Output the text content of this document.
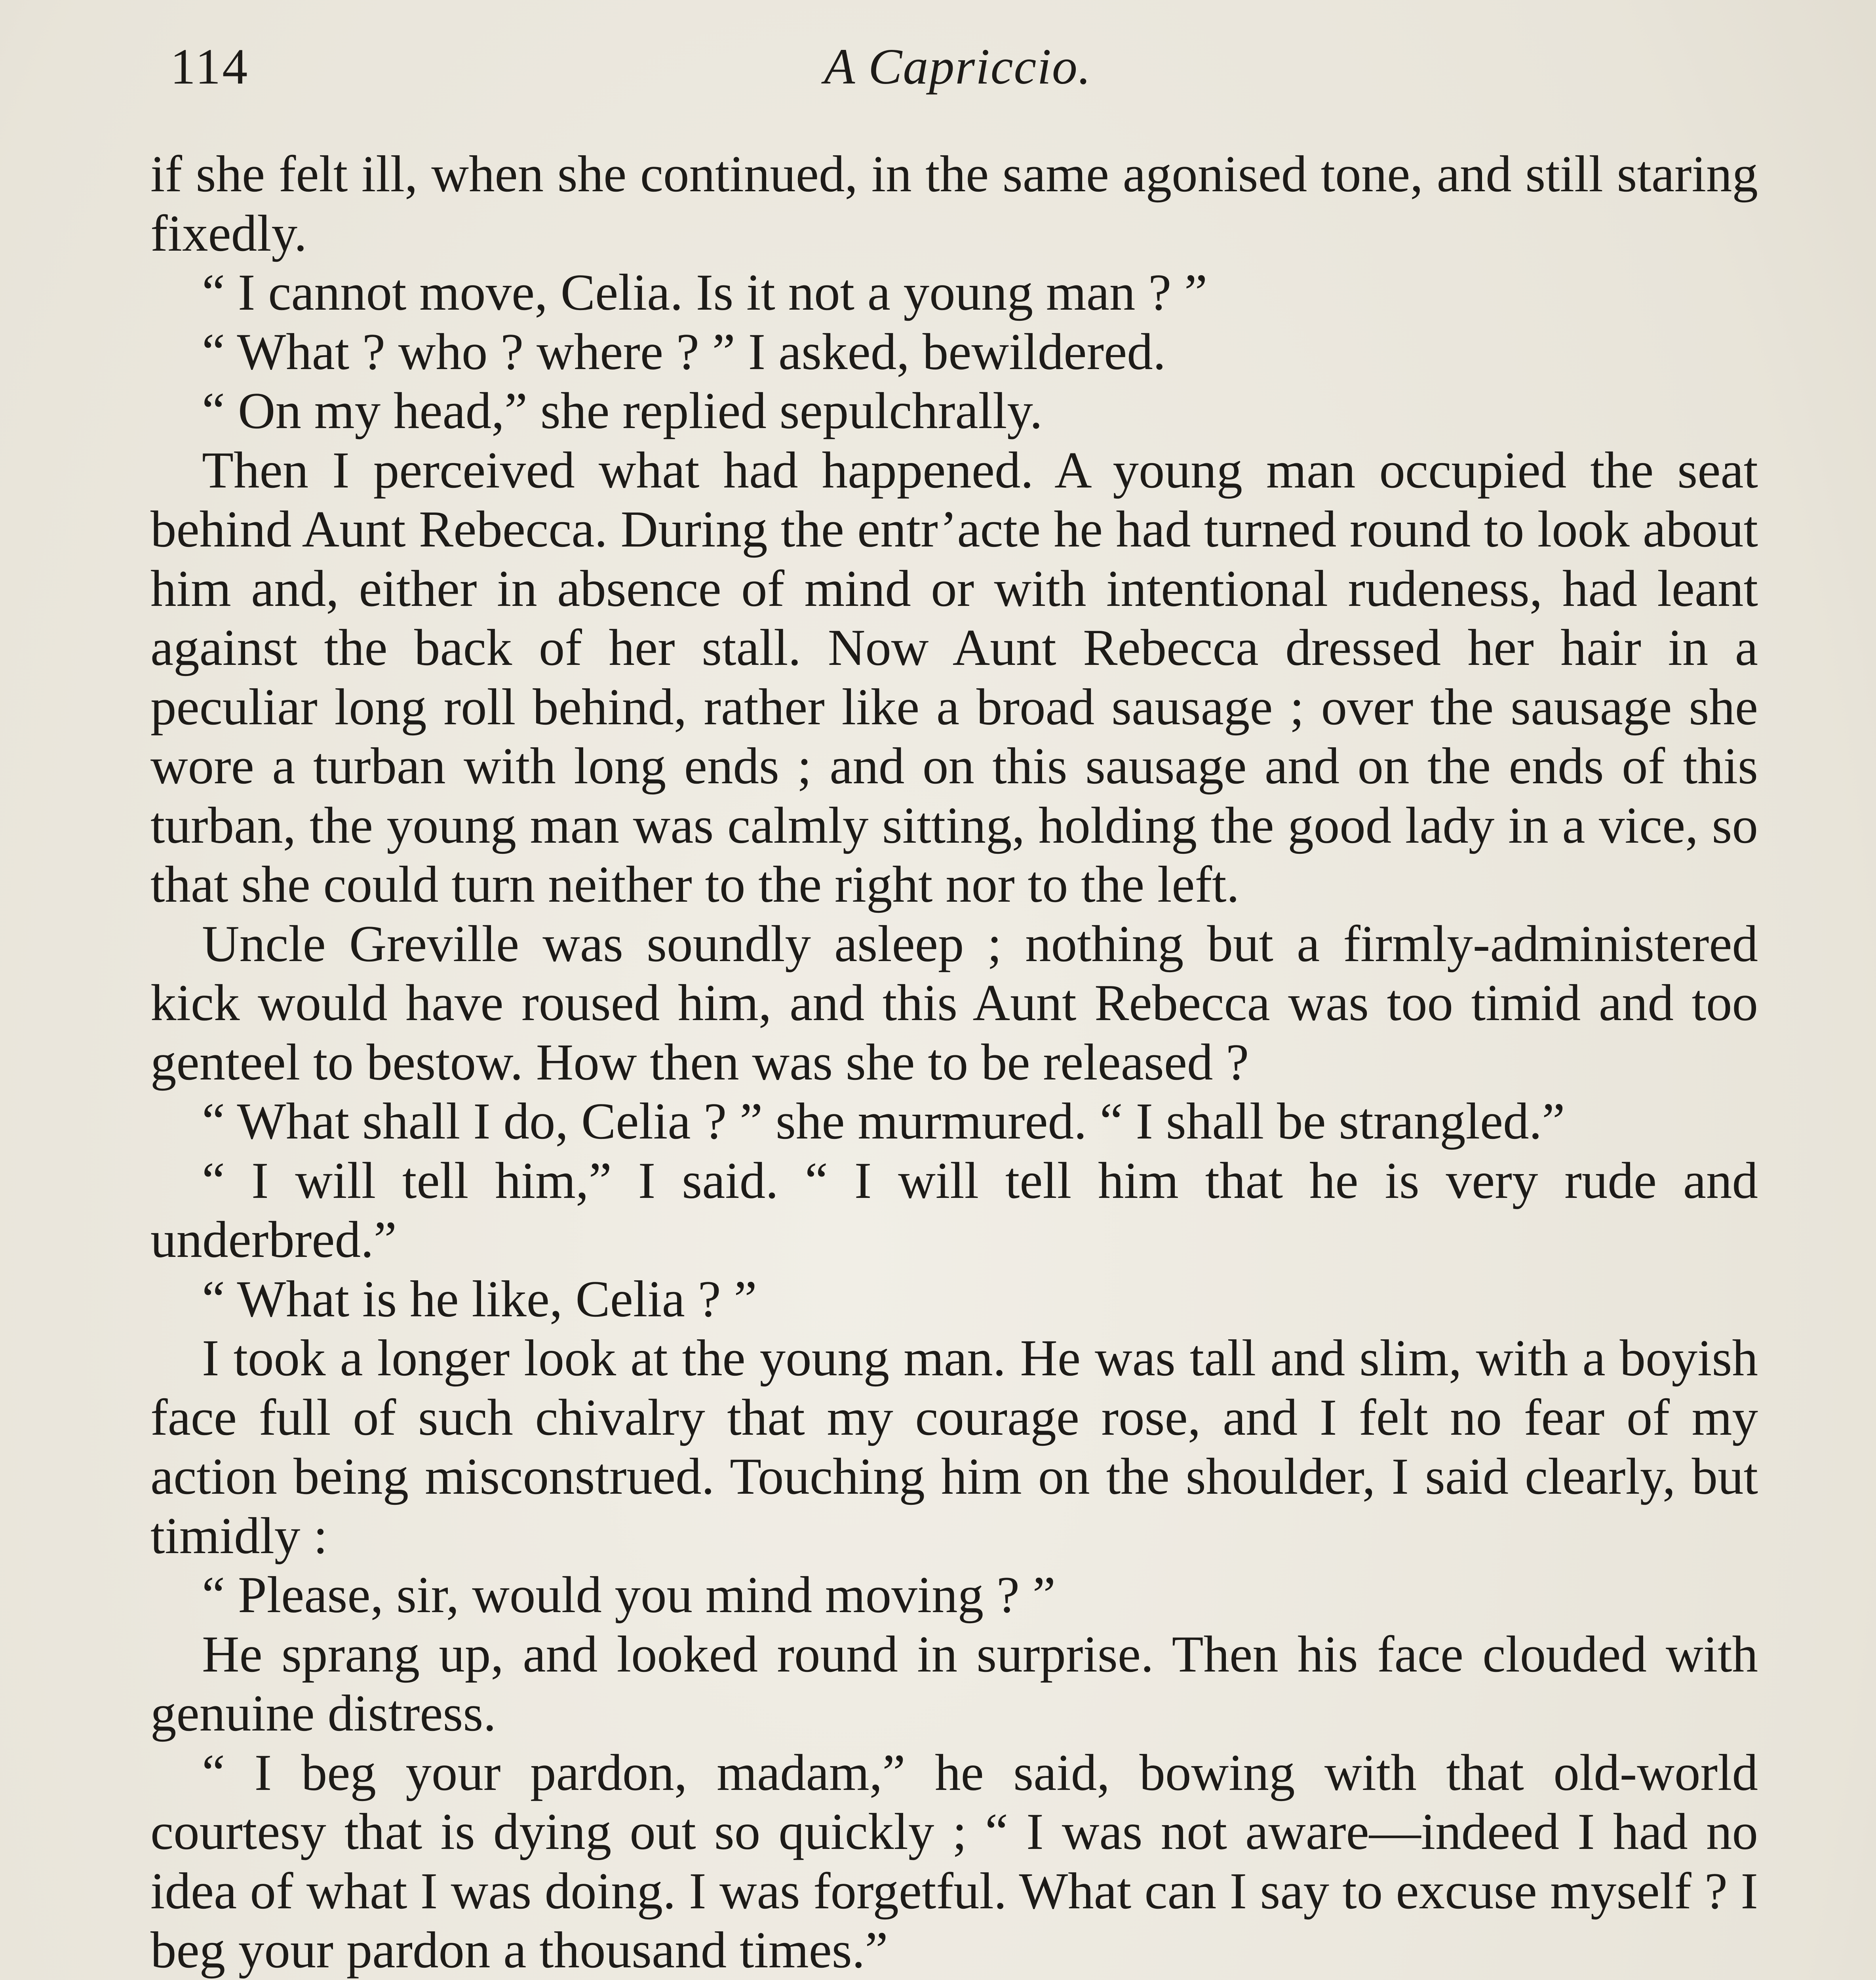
114	A Capriccio.

if she felt ill, when she continued, in the same agonised tone, and still staring fixedly.

“ I cannot move, Celia. Is it not a young man ? ”

“ What ? who ? where ? ” I asked, bewildered.

“ On my head,” she replied sepulchrally.

Then I perceived what had happened. A young man occupied the seat behind Aunt Rebecca. During the entr’acte he had turned round to look about him and, either in absence of mind or with intentional rudeness, had leant against the back of her stall. Now Aunt Rebecca dressed her hair in a peculiar long roll behind, rather like a broad sausage ; over the sausage she wore a turban with long ends ; and on this sausage and on the ends of this turban, the young man was calmly sitting, holding the good lady in a vice, so that she could turn neither to the right nor to the left.

Uncle Greville was soundly asleep ; nothing but a firmly-administered kick would have roused him, and this Aunt Rebecca was too timid and too genteel to bestow. How then was she to be released ?

“ What shall I do, Celia ? ” she murmured. “ I shall be strangled.”

“ I will tell him,” I said. “ I will tell him that he is very rude and underbred.”

“ What is he like, Celia ? ”

I took a longer look at the young man. He was tall and slim, with a boyish face full of such chivalry that my courage rose, and I felt no fear of my action being misconstrued. Touching him on the shoulder, I said clearly, but timidly :

“ Please, sir, would you mind moving ? ”

He sprang up, and looked round in surprise. Then his face clouded with genuine distress.

“ I beg your pardon, madam,” he said, bowing with that old-world courtesy that is dying out so quickly ; “ I was not aware—indeed I had no idea of what I was doing. I was forgetful. What can I say to excuse myself ? I beg your pardon a thousand times.”
